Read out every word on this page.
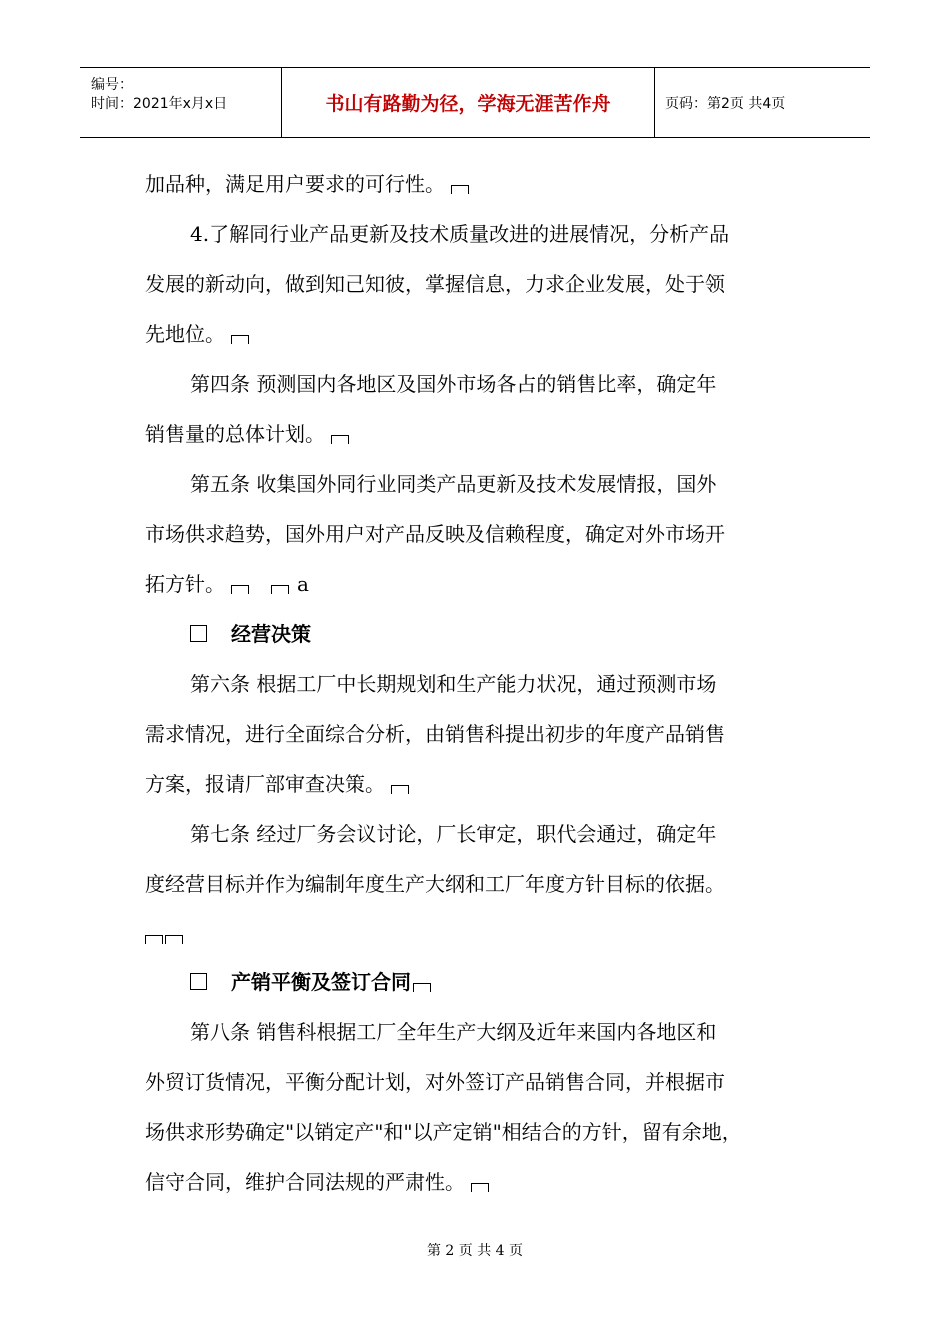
编号：
时间：2021年x月x日	书山有路勤为径，学海无涯苦作舟	页码：第2页 共4页
加品种，满足用户要求的可行性。
4.了解同行业产品更新及技术质量改进的进展情况，分析产品
发展的新动向，做到知己知彼，掌握信息，力求企业发展，处于领
先地位。
第四条 预测国内各地区及国外市场各占的销售比率，确定年
销售量的总体计划。
第五条 收集国外同行业同类产品更新及技术发展情报，国外
市场供求趋势，国外用户对产品反映及信赖程度，确定对外市场开
拓方针。	a
经营决策
第六条 根据工厂中长期规划和生产能力状况，通过预测市场
需求情况，进行全面综合分析，由销售科提出初步的年度产品销售
方案，报请厂部审查决策。
第七条 经过厂务会议讨论，厂长审定，职代会通过，确定年
度经营目标并作为编制年度生产大纲和工厂年度方针目标的依据。
产销平衡及签订合同
第八条 销售科根据工厂全年生产大纲及近年来国内各地区和
外贸订货情况，平衡分配计划，对外签订产品销售合同，并根据市
场供求形势确定"以销定产"和"以产定销"相结合的方针，留有余地，
信守合同，维护合同法规的严肃性。
第 2 页 共 4 页
